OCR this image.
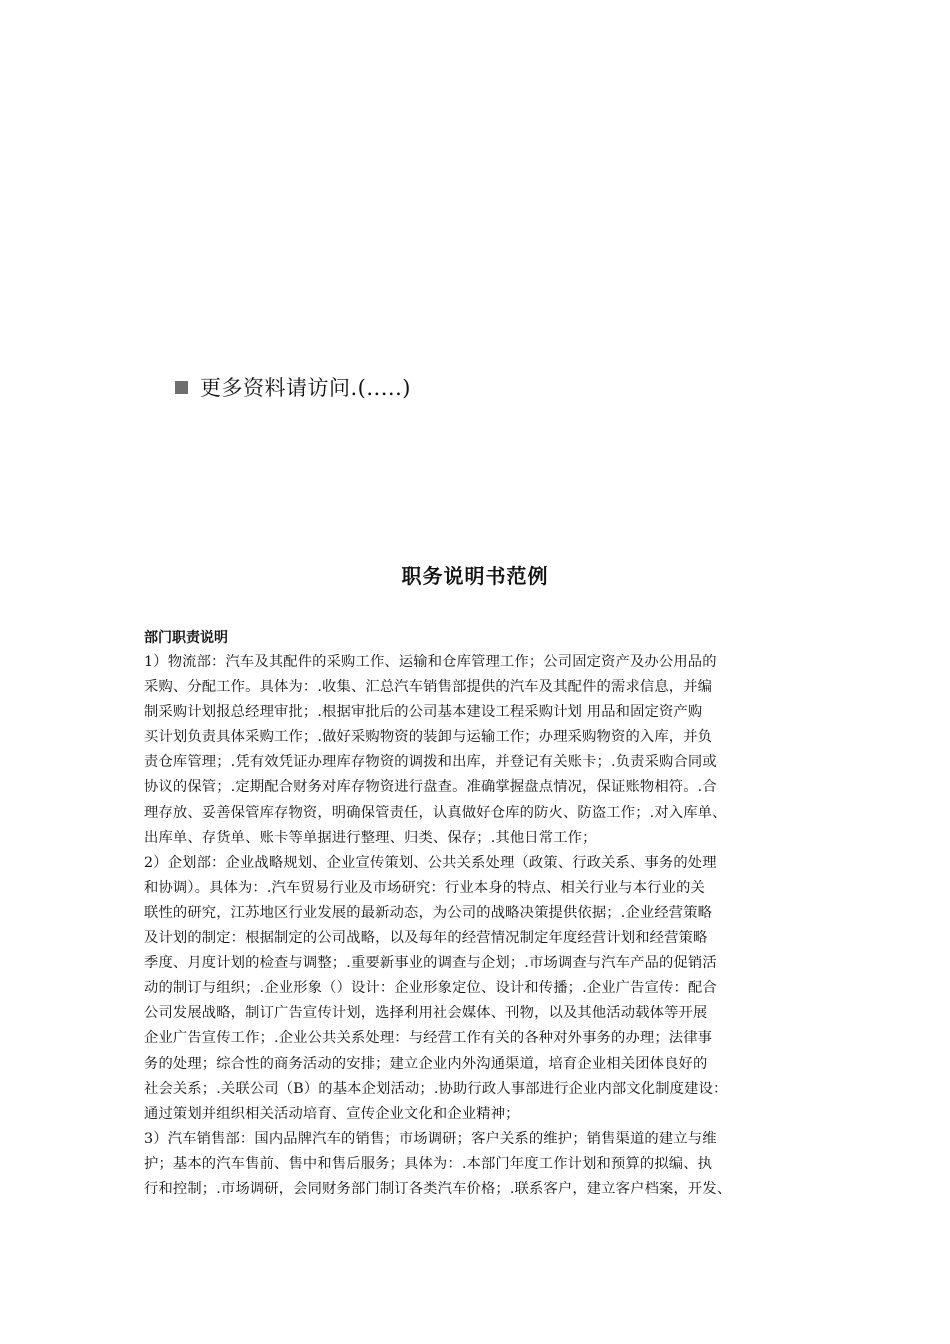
更多资料请访问.(.....)
职务说明书范例
部门职责说明
1）物流部：汽车及其配件的采购工作、运输和仓库管理工作；公司固定资产及办公用品的
采购、分配工作。具体为：.收集、汇总汽车销售部提供的汽车及其配件的需求信息，并编
制采购计划报总经理审批；.根据审批后的公司基本建设工程采购计划 用品和固定资产购
买计划负责具体采购工作；.做好采购物资的装卸与运输工作；办理采购物资的入库，并负
责仓库管理；.凭有效凭证办理库存物资的调拨和出库，并登记有关账卡；.负责采购合同或
协议的保管；.定期配合财务对库存物资进行盘查。准确掌握盘点情况，保证账物相符。.合
理存放、妥善保管库存物资，明确保管责任，认真做好仓库的防火、防盗工作；.对入库单、
出库单、存货单、账卡等单据进行整理、归类、保存；.其他日常工作；
2）企划部：企业战略规划、企业宣传策划、公共关系处理（政策、行政关系、事务的处理
和协调）。具体为：.汽车贸易行业及市场研究：行业本身的特点、相关行业与本行业的关
联性的研究，江苏地区行业发展的最新动态，为公司的战略决策提供依据；.企业经营策略
及计划的制定：根据制定的公司战略，以及每年的经营情况制定年度经营计划和经营策略
季度、月度计划的检查与调整；.重要新事业的调查与企划；.市场调查与汽车产品的促销活
动的制订与组织；.企业形象（）设计：企业形象定位、设计和传播；.企业广告宣传：配合
公司发展战略，制订广告宣传计划，选择利用社会媒体、刊物，以及其他活动载体等开展
企业广告宣传工作；.企业公共关系处理：与经营工作有关的各种对外事务的办理；法律事
务的处理；综合性的商务活动的安排；建立企业内外沟通渠道，培育企业相关团体良好的
社会关系；.关联公司（B）的基本企划活动；.协助行政人事部进行企业内部文化制度建设：
通过策划并组织相关活动培育、宣传企业文化和企业精神；
3）汽车销售部：国内品牌汽车的销售；市场调研；客户关系的维护；销售渠道的建立与维
护；基本的汽车售前、售中和售后服务；具体为：.本部门年度工作计划和预算的拟编、执
行和控制；.市场调研，会同财务部门制订各类汽车价格；.联系客户，建立客户档案，开发、
